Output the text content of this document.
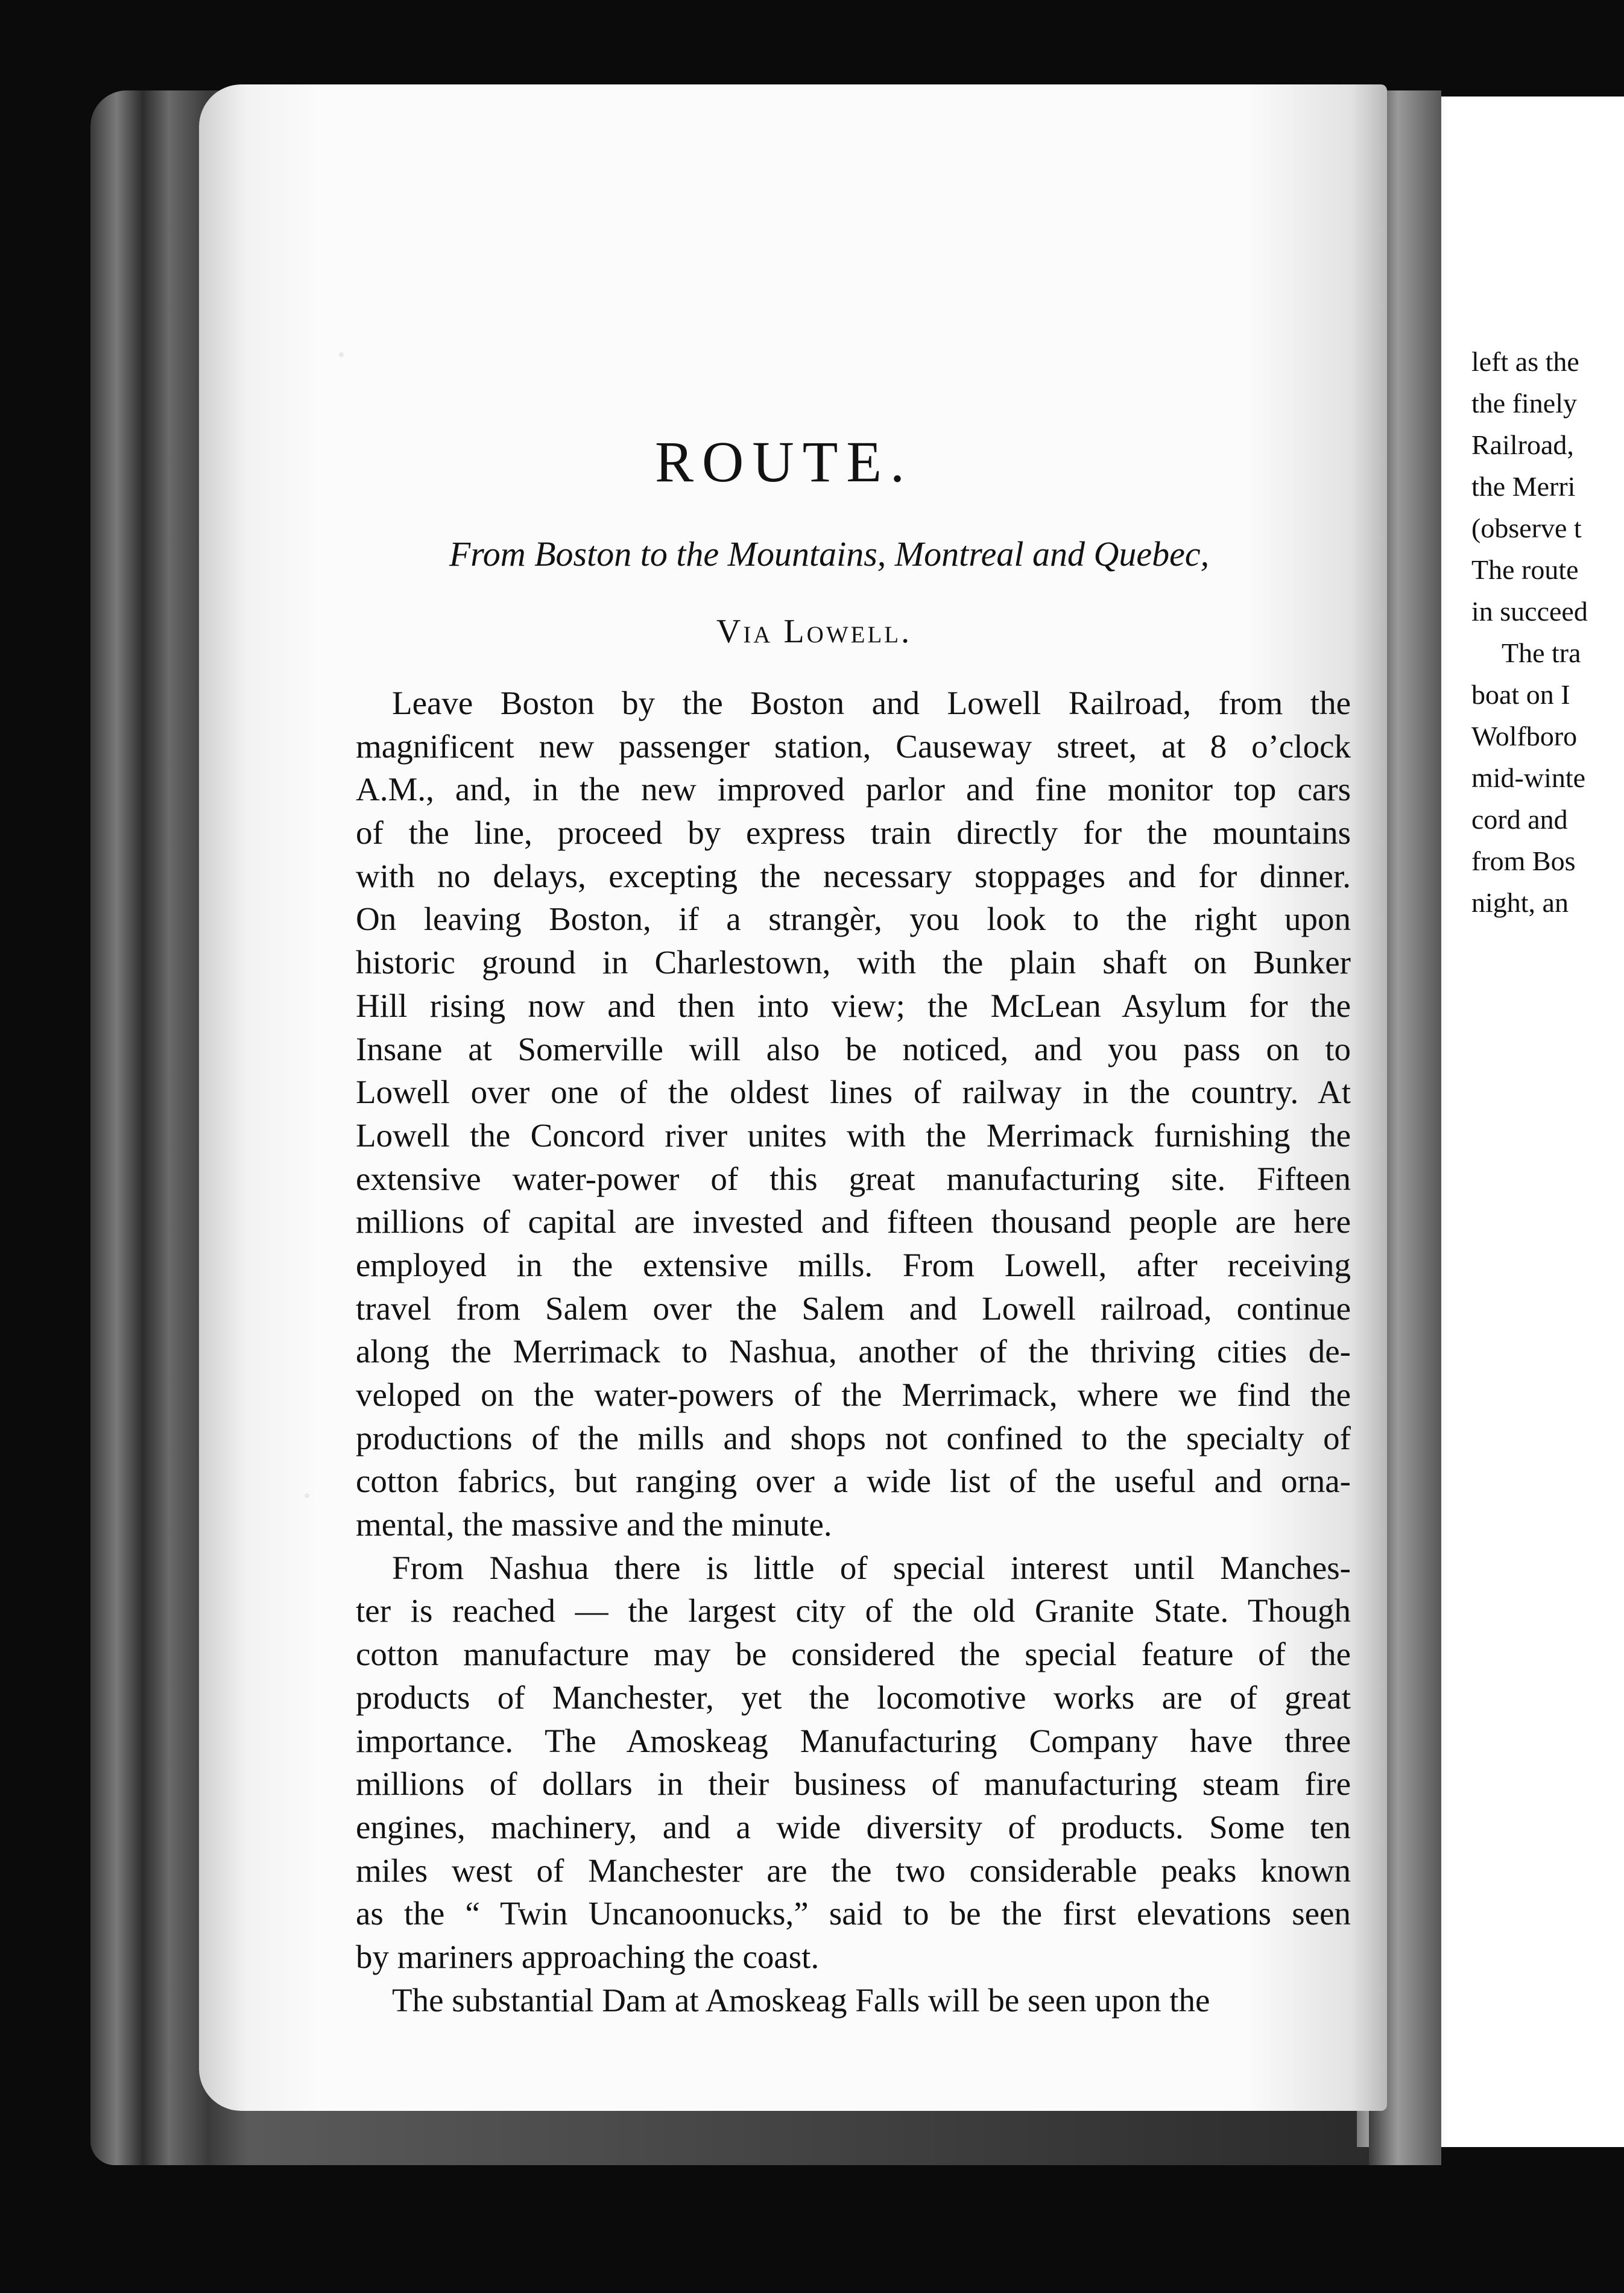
left as the
the finely
Railroad,
the Merri
(observe t
The route
in succeed
The tra
boat on I
Wolfboro
mid-winte
cord and
from Bos
night, an
ROUTE.
From Boston to the Mountains, Montreal and Quebec,
Via Lowell.
Leave Boston by the Boston and Lowell Railroad, from the
magnificent new passenger station, Causeway street, at 8 o’clock
A.M., and, in the new improved parlor and fine monitor top cars
of the line, proceed by express train directly for the mountains
with no delays, excepting the necessary stoppages and for dinner.
On leaving Boston, if a strangèr, you look to the right upon
historic ground in Charlestown, with the plain shaft on Bunker
Hill rising now and then into view; the McLean Asylum for the
Insane at Somerville will also be noticed, and you pass on to
Lowell over one of the oldest lines of railway in the country. At
Lowell the Concord river unites with the Merrimack furnishing the
extensive water-power of this great manufacturing site. Fifteen
millions of capital are invested and fifteen thousand people are here
employed in the extensive mills. From Lowell, after receiving
travel from Salem over the Salem and Lowell railroad, continue
along the Merrimack to Nashua, another of the thriving cities de-
veloped on the water-powers of the Merrimack, where we find the
productions of the mills and shops not confined to the specialty of
cotton fabrics, but ranging over a wide list of the useful and orna-
mental, the massive and the minute.
From Nashua there is little of special interest until Manches-
ter is reached — the largest city of the old Granite State. Though
cotton manufacture may be considered the special feature of the
products of Manchester, yet the locomotive works are of great
importance. The Amoskeag Manufacturing Company have three
millions of dollars in their business of manufacturing steam fire
engines, machinery, and a wide diversity of products. Some ten
miles west of Manchester are the two considerable peaks known
as the “ Twin Uncanoonucks,” said to be the first elevations seen
by mariners approaching the coast.
The substantial Dam at Amoskeag Falls will be seen upon the
